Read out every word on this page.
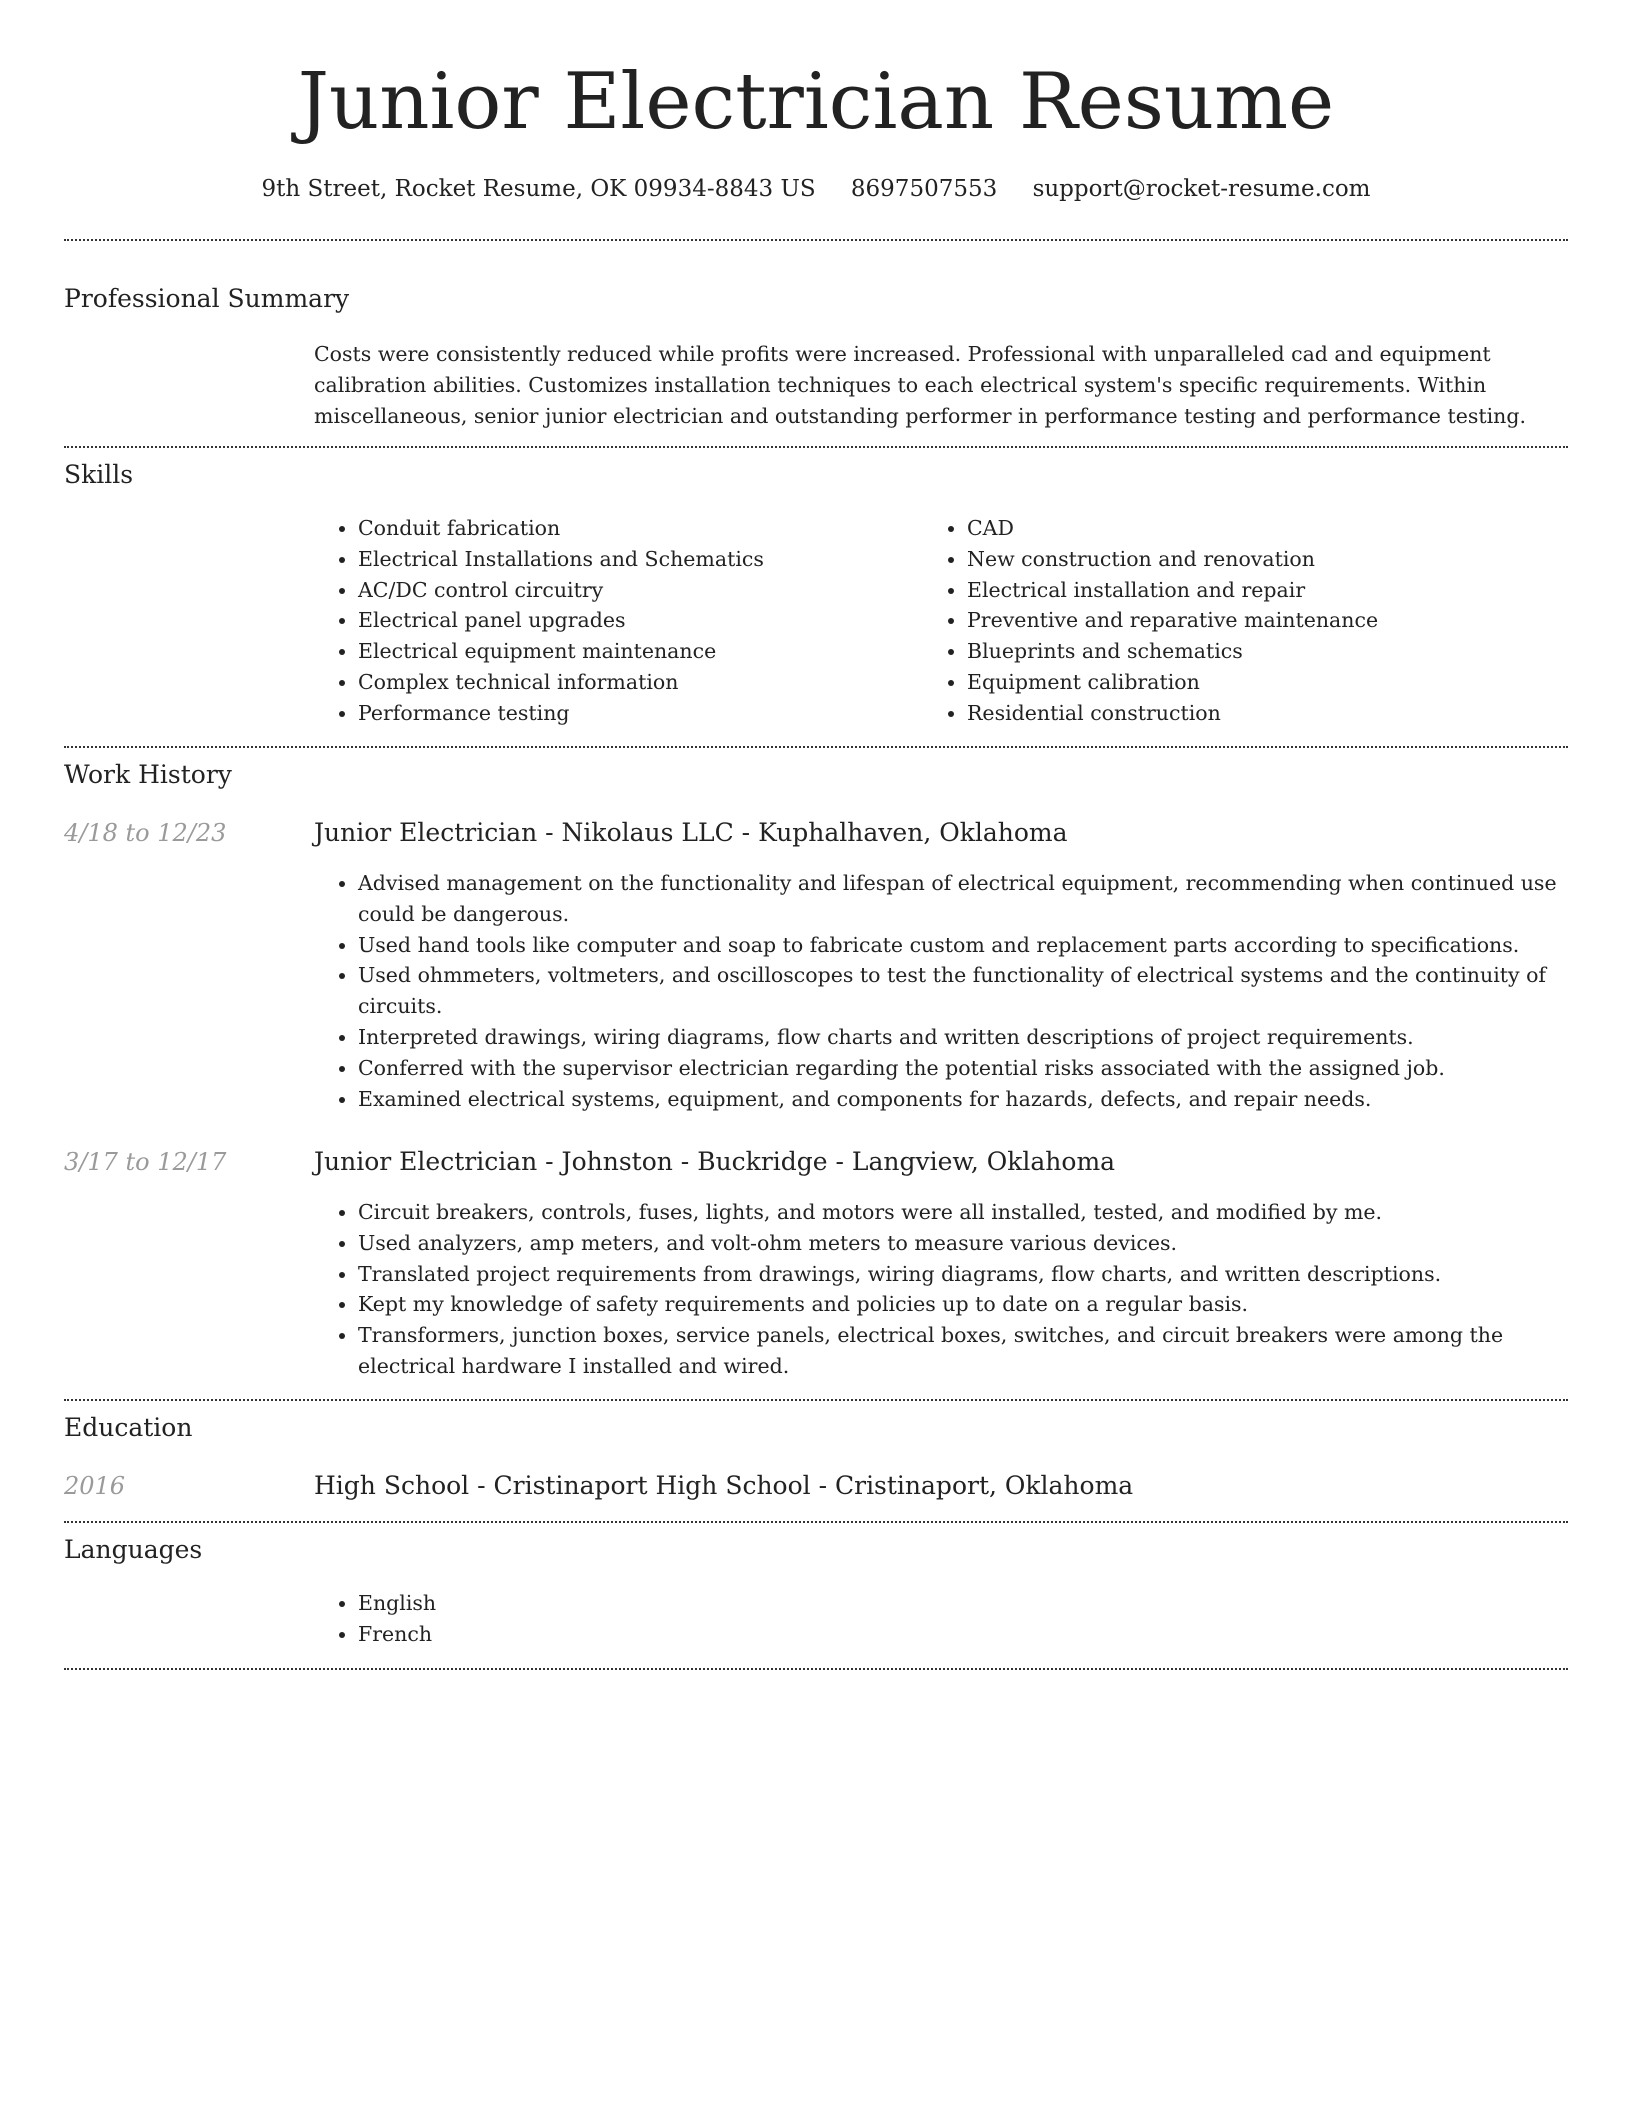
Junior Electrician Resume
9th Street, Rocket Resume, OK 09934-8843 US 8697507553 support@rocket-resume.com
Professional Summary

Costs were consistently reduced while profits were increased. Professional with unparalleled cad and equipment calibration abilities. Customizes installation techniques to each electrical system's specific requirements. Within miscellaneous, senior junior electrician and outstanding performer in performance testing and performance testing.

Skills
• Conduit fabrication
• Electrical Installations and Schematics
• AC/DC control circuitry
• Electrical panel upgrades
• Electrical equipment maintenance
• Complex technical information
• Performance testing
• CAD
• New construction and renovation
• Electrical installation and repair
• Preventive and reparative maintenance
• Blueprints and schematics
• Equipment calibration
• Residential construction
Work History
4/18 to 12/23	Junior Electrician - Nikolaus LLC - Kuphalhaven, Oklahoma
• Advised management on the functionality and lifespan of electrical equipment, recommending when continued use could be dangerous.
• Used hand tools like computer and soap to fabricate custom and replacement parts according to specifications.
• Used ohmmeters, voltmeters, and oscilloscopes to test the functionality of electrical systems and the continuity of circuits.
• Interpreted drawings, wiring diagrams, flow charts and written descriptions of project requirements.
• Conferred with the supervisor electrician regarding the potential risks associated with the assigned job.
• Examined electrical systems, equipment, and components for hazards, defects, and repair needs.
3/17 to 12/17	Junior Electrician - Johnston - Buckridge - Langview, Oklahoma
• Circuit breakers, controls, fuses, lights, and motors were all installed, tested, and modified by me.
• Used analyzers, amp meters, and volt-ohm meters to measure various devices.
• Translated project requirements from drawings, wiring diagrams, flow charts, and written descriptions.
• Kept my knowledge of safety requirements and policies up to date on a regular basis.
• Transformers, junction boxes, service panels, electrical boxes, switches, and circuit breakers were among the electrical hardware I installed and wired.
Education
2016	High School - Cristinaport High School - Cristinaport, Oklahoma
Languages
• English
• French
